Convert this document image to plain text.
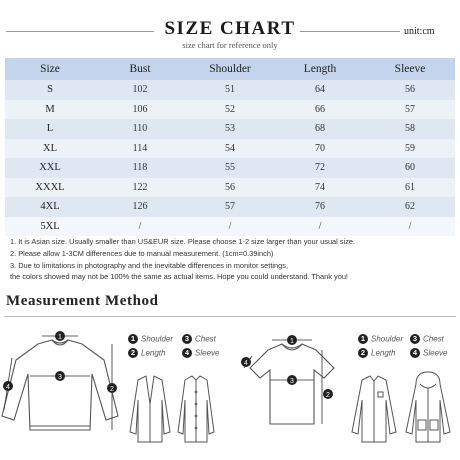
SIZE CHART	unit:cm
size chart for reference only
Size	Bust	Shoulder	Length	Sleeve
S	102	51	64	56
M	106	52	66	57
L	110	53	68	58
XL	114	54	70	59
XXL	118	55	72	60
XXXL	122	56	74	61
4XL	126	57	76	62
5XL	/	/	/	/
1. It is Asian size. Usually smaller than US&EUR size. Please choose 1-2 size larger than your usual size.
2. Please allow 1-3CM differences due to manual measurement. (1cm=0.39inch)
3. Due to limitations in photography and the inevitable differences in monitor settings,
the colors showed may not be 100% the same as actual items. Hope you could understand. Thank you!
Measurement Method
1
3
2
4
1 Shoulder	3 Chest
2 Length	4 Sleeve
1
3
2
4
1 Shoulder	3 Chest
2 Length	4 Sleeve
